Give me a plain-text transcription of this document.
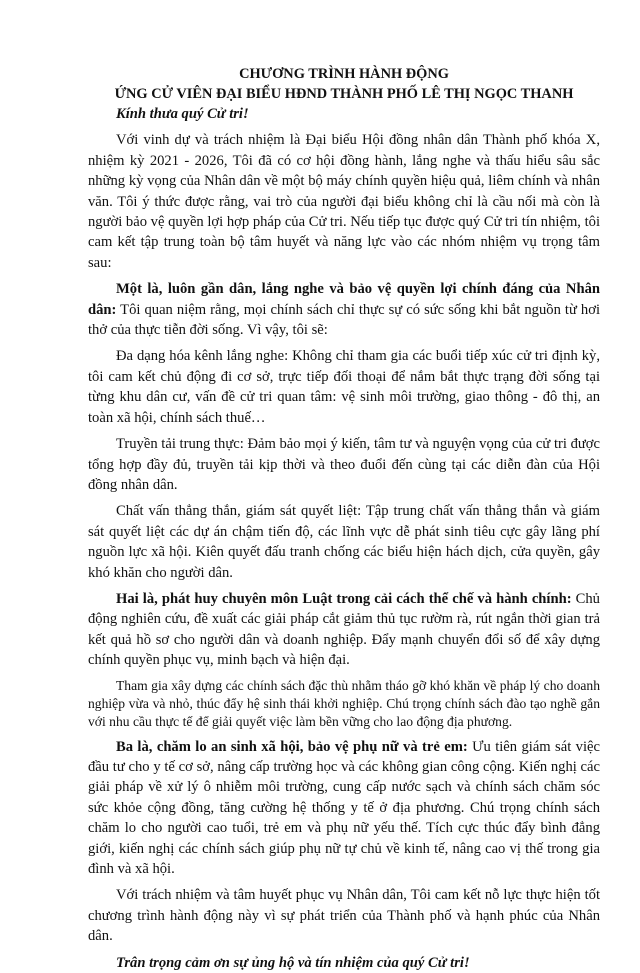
CHƯƠNG TRÌNH HÀNH ĐỘNG
ỨNG CỬ VIÊN ĐẠI BIỂU HĐND THÀNH PHỐ LÊ THỊ NGỌC THANH

Kính thưa quý Cử tri!

Với vinh dự và trách nhiệm là Đại biểu Hội đồng nhân dân Thành phố khóa X, nhiệm kỳ 2021 - 2026, Tôi đã có cơ hội đồng hành, lắng nghe và thấu hiểu sâu sắc những kỳ vọng của Nhân dân về một bộ máy chính quyền hiệu quả, liêm chính và nhân văn. Tôi ý thức được rằng, vai trò của người đại biểu không chỉ là cầu nối mà còn là người bảo vệ quyền lợi hợp pháp của Cử tri. Nếu tiếp tục được quý Cử tri tín nhiệm, tôi cam kết tập trung toàn bộ tâm huyết và năng lực vào các nhóm nhiệm vụ trọng tâm sau:

Một là, luôn gần dân, lắng nghe và bảo vệ quyền lợi chính đáng của Nhân dân: Tôi quan niệm rằng, mọi chính sách chỉ thực sự có sức sống khi bắt nguồn từ hơi thở của thực tiễn đời sống. Vì vậy, tôi sẽ:

Đa dạng hóa kênh lắng nghe: Không chỉ tham gia các buổi tiếp xúc cử tri định kỳ, tôi cam kết chủ động đi cơ sở, trực tiếp đối thoại để nắm bắt thực trạng đời sống tại từng khu dân cư, vấn đề cử tri quan tâm: vệ sinh môi trường, giao thông - đô thị, an toàn xã hội, chính sách thuế…

Truyền tải trung thực: Đảm bảo mọi ý kiến, tâm tư và nguyện vọng của cử tri được tổng hợp đầy đủ, truyền tải kịp thời và theo đuổi đến cùng tại các diễn đàn của Hội đồng nhân dân.

Chất vấn thẳng thắn, giám sát quyết liệt: Tập trung chất vấn thẳng thắn và giám sát quyết liệt các dự án chậm tiến độ, các lĩnh vực dễ phát sinh tiêu cực gây lãng phí nguồn lực xã hội. Kiên quyết đấu tranh chống các biểu hiện hách dịch, cửa quyền, gây khó khăn cho người dân.

Hai là, phát huy chuyên môn Luật trong cải cách thể chế và hành chính: Chủ động nghiên cứu, đề xuất các giải pháp cắt giảm thủ tục rườm rà, rút ngắn thời gian trả kết quả hồ sơ cho người dân và doanh nghiệp. Đẩy mạnh chuyển đổi số để xây dựng chính quyền phục vụ, minh bạch và hiện đại.

Tham gia xây dựng các chính sách đặc thù nhằm tháo gỡ khó khăn về pháp lý cho doanh nghiệp vừa và nhỏ, thúc đẩy hệ sinh thái khởi nghiệp. Chú trọng chính sách đào tạo nghề gắn với nhu cầu thực tế để giải quyết việc làm bền vững cho lao động địa phương.

Ba là, chăm lo an sinh xã hội, bảo vệ phụ nữ và trẻ em: Ưu tiên giám sát việc đầu tư cho y tế cơ sở, nâng cấp trường học và các không gian công cộng. Kiến nghị các giải pháp về xử lý ô nhiễm môi trường, cung cấp nước sạch và chính sách chăm sóc sức khỏe cộng đồng, tăng cường hệ thống y tế ở địa phương. Chú trọng chính sách chăm lo cho người cao tuổi, trẻ em và phụ nữ yếu thế. Tích cực thúc đẩy bình đẳng giới, kiến nghị các chính sách giúp phụ nữ tự chủ về kinh tế, nâng cao vị thế trong gia đình và xã hội.

Với trách nhiệm và tâm huyết phục vụ Nhân dân, Tôi cam kết nỗ lực thực hiện tốt chương trình hành động này vì sự phát triển của Thành phố và hạnh phúc của Nhân dân.

Trân trọng cảm ơn sự ủng hộ và tín nhiệm của quý Cử tri!
